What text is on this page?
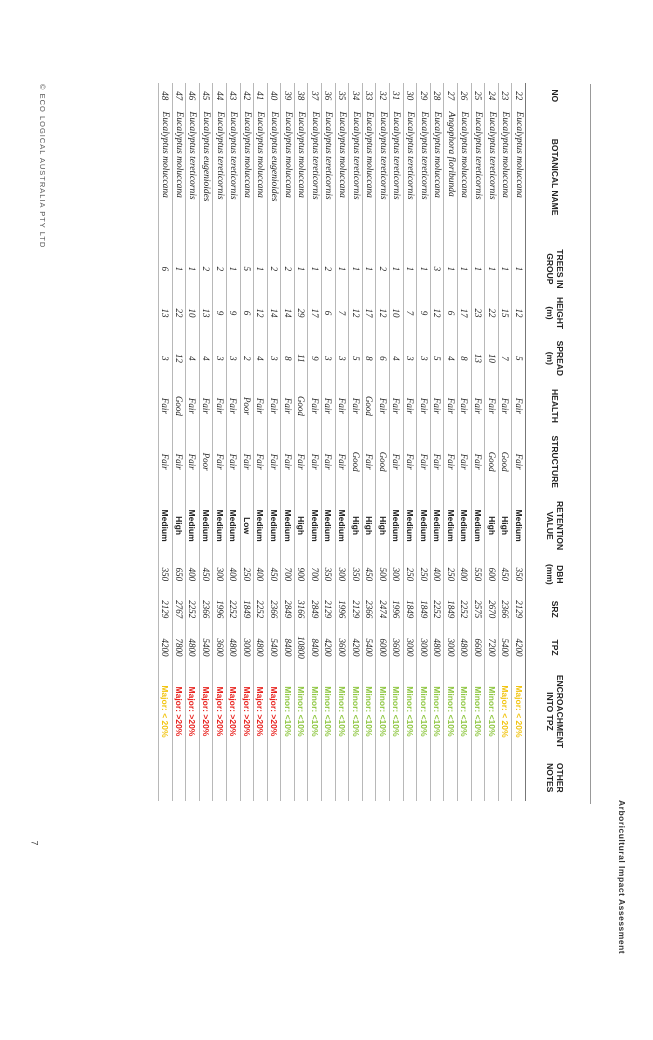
Arboricultural Impact Assessment
© ECO LOGICAL AUSTRALIA PTY LTD
7
NO	BOTANICAL NAME	TREES IN GROUP	HEIGHT (m)	SPREAD (m)	HEALTH	STRUCTURE	RETENTION VALUE	DBH (mm)	SRZ	TPZ	ENCROACHMENT INTO TPZ	OTHER NOTES
22	Eucalyptus moluccana	1	12	5	Fair	Fair	Medium	350	2129	4200	Major: < 20%	
23	Eucalyptus moluccana	1	15	7	Fair	Good	High	450	2366	5400	Major: < 20%	
24	Eucalyptus tereticornis	1	22	10	Fair	Good	High	600	2670	7200	Minor: <10%	
25	Eucalyptus tereticornis	1	23	13	Fair	Fair	Medium	550	2575	6600	Minor: <10%	
26	Eucalyptus moluccana	1	17	8	Fair	Fair	Medium	400	2252	4800	Minor: <10%	
27	Angophora floribunda	1	6	4	Fair	Fair	Medium	250	1849	3000	Minor: <10%	
28	Eucalyptus moluccana	3	12	5	Fair	Fair	Medium	400	2252	4800	Minor: <10%	
29	Eucalyptus tereticornis	1	9	3	Fair	Fair	Medium	250	1849	3000	Minor: <10%	
30	Eucalyptus tereticornis	1	7	3	Fair	Fair	Medium	250	1849	3000	Minor: <10%	
31	Eucalyptus tereticornis	1	10	4	Fair	Fair	Medium	300	1996	3600	Minor: <10%	
32	Eucalyptus tereticornis	2	12	6	Fair	Good	High	500	2474	6000	Minor: <10%	
33	Eucalyptus moluccana	1	17	8	Good	Fair	High	450	2366	5400	Minor: <10%	
34	Eucalyptus tereticornis	1	12	5	Fair	Good	High	350	2129	4200	Minor: <10%	
35	Eucalyptus moluccana	1	7	3	Fair	Fair	Medium	300	1996	3600	Minor: <10%	
36	Eucalyptus tereticornis	2	6	3	Fair	Fair	Medium	350	2129	4200	Minor: <10%	
37	Eucalyptus tereticornis	1	17	9	Fair	Fair	Medium	700	2849	8400	Minor: <10%	
38	Eucalyptus moluccana	1	29	11	Good	Fair	High	900	3166	10800	Minor: <10%	
39	Eucalyptus moluccana	2	14	8	Fair	Fair	Medium	700	2849	8400	Minor: <10%	
40	Eucalyptus eugenioides	2	14	3	Fair	Fair	Medium	450	2366	5400	Major: >20%	
41	Eucalyptus moluccana	1	12	4	Fair	Fair	Medium	400	2252	4800	Major: >20%	
42	Eucalyptus moluccana	5	6	2	Poor	Fair	Low	250	1849	3000	Major: >20%	
43	Eucalyptus tereticornis	1	9	3	Fair	Fair	Medium	400	2252	4800	Major: >20%	
44	Eucalyptus tereticornis	2	9	3	Fair	Fair	Medium	300	1996	3600	Major: >20%	
45	Eucalyptus eugenioides	2	13	4	Fair	Poor	Medium	450	2366	5400	Major: >20%	
46	Eucalyptus tereticornis	1	10	4	Fair	Fair	Medium	400	2252	4800	Major: >20%	
47	Eucalyptus moluccana	1	22	12	Good	Fair	High	650	2767	7800	Major: >20%	
48	Eucalyptus moluccana	6	13	3	Fair	Fair	Medium	350	2129	4200	Major: < 20%	
